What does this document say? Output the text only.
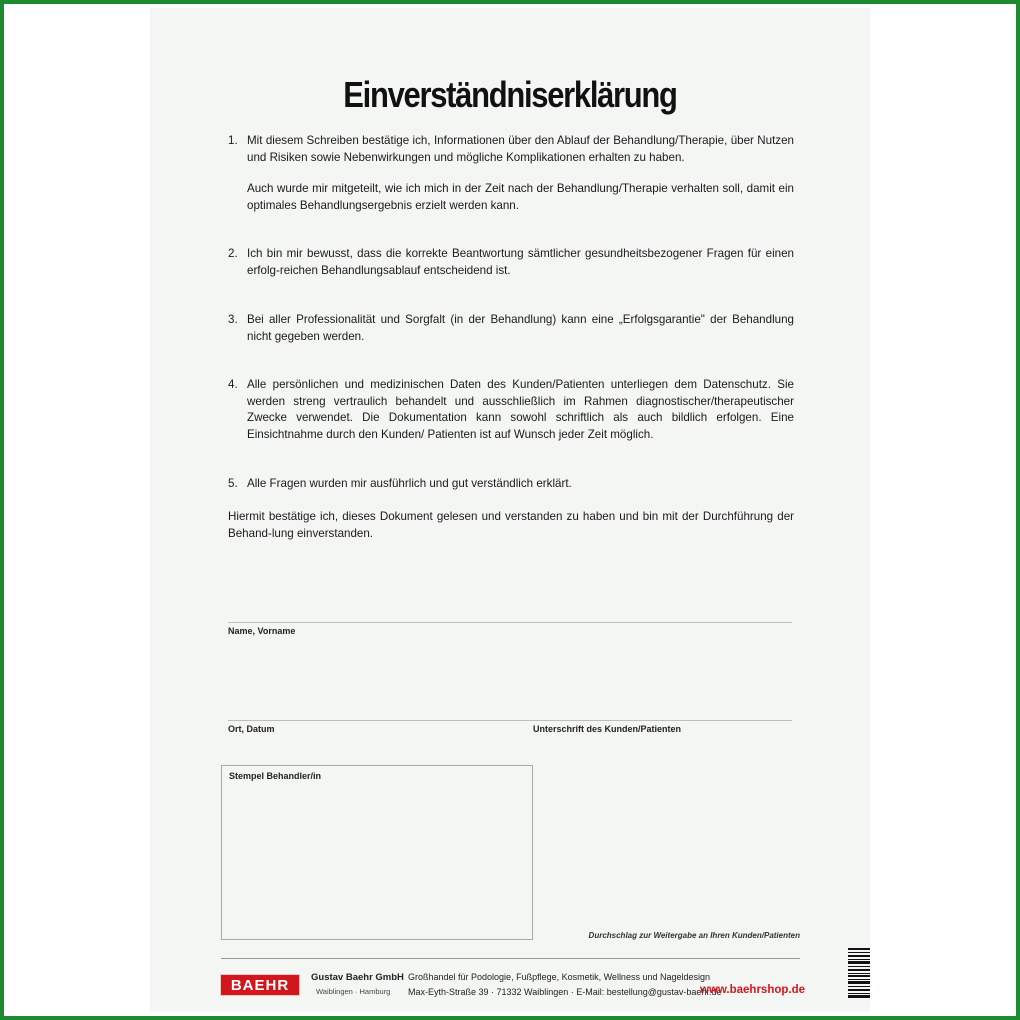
Einverständniserklärung
1. Mit diesem Schreiben bestätige ich, Informationen über den Ablauf der Behandlung/Therapie, über Nutzen und Risiken sowie Nebenwirkungen und mögliche Komplikationen erhalten zu haben.
Auch wurde mir mitgeteilt, wie ich mich in der Zeit nach der Behandlung/Therapie verhalten soll, damit ein optimales Behandlungsergebnis erzielt werden kann.
2. Ich bin mir bewusst, dass die korrekte Beantwortung sämtlicher gesundheitsbezogener Fragen für einen erfolg-reichen Behandlungsablauf entscheidend ist.
3. Bei aller Professionalität und Sorgfalt (in der Behandlung) kann eine „Erfolgsgarantie" der Behandlung nicht gegeben werden.
4. Alle persönlichen und medizinischen Daten des Kunden/Patienten unterliegen dem Datenschutz. Sie werden streng vertraulich behandelt und ausschließlich im Rahmen diagnostischer/therapeutischer Zwecke verwendet. Die Dokumentation kann sowohl schriftlich als auch bildlich erfolgen. Eine Einsichtnahme durch den Kunden/ Patienten ist auf Wunsch jeder Zeit möglich.
5. Alle Fragen wurden mir ausführlich und gut verständlich erklärt.
Hiermit bestätige ich, dieses Dokument gelesen und verstanden zu haben und bin mit der Durchführung der Behand-lung einverstanden.
Name, Vorname
Ort, Datum	Unterschrift des Kunden/Patienten
Stempel Behandler/in
Durchschlag zur Weitergabe an Ihren Kunden/Patienten
BAEHR	Gustav Baehr GmbH
Waiblingen · Hamburg
Großhandel für Podologie, Fußpflege, Kosmetik, Wellness und Nageldesign
Max-Eyth-Straße 39 · 71332 Waiblingen · E-Mail: bestellung@gustav-baehr.de
www.baehrshop.de
